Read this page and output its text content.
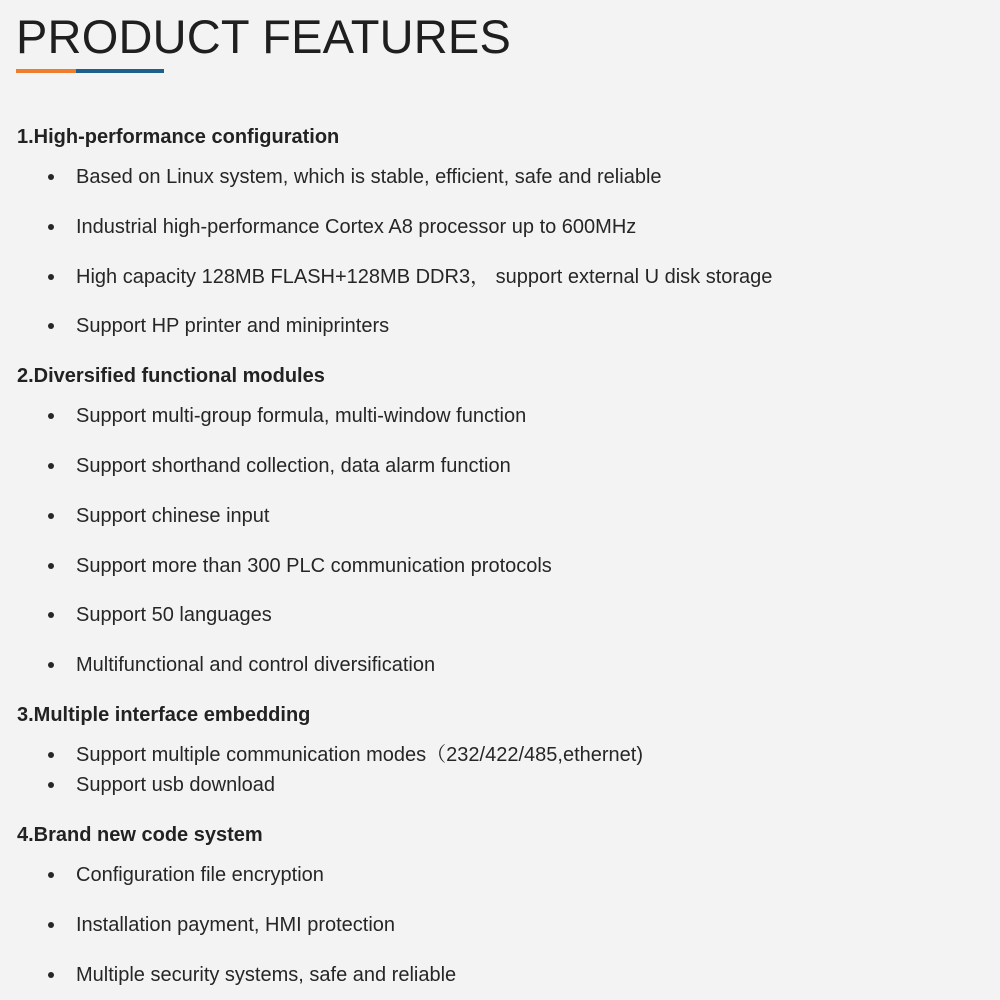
PRODUCT FEATURES
1.High-performance configuration
Based on Linux system, which is stable, efficient, safe and reliable
Industrial high-performance Cortex A8 processor up to 600MHz
High capacity 128MB FLASH+128MB DDR3， support external U disk storage
Support HP printer and miniprinters
2.Diversified functional modules
Support multi-group formula, multi-window function
Support shorthand collection, data alarm function
Support chinese input
Support more than 300 PLC communication protocols
Support 50 languages
Multifunctional and control diversification
3.Multiple interface embedding
Support multiple communication modes（232/422/485,ethernet)
Support usb download
4.Brand new code system
Configuration file encryption
Installation payment, HMI protection
Multiple security systems, safe and reliable
